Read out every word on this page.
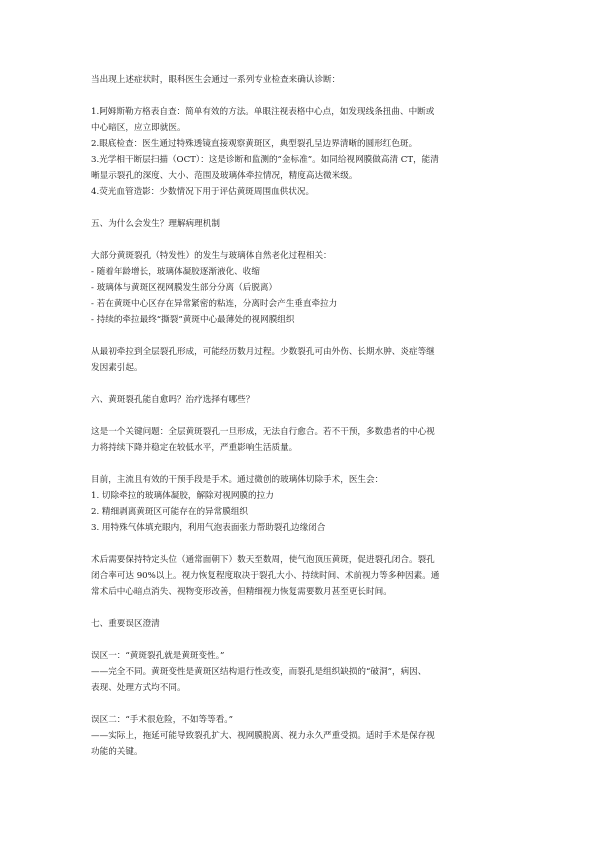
当出现上述症状时，眼科医生会通过一系列专业检查来确认诊断：
1.阿姆斯勒方格表自查：简单有效的方法。单眼注视表格中心点，如发现线条扭曲、中断或
中心暗区，应立即就医。
2.眼底检查：医生通过特殊透镜直接观察黄斑区，典型裂孔呈边界清晰的圆形红色斑。
3.光学相干断层扫描（OCT）：这是诊断和监测的“金标准”。如同给视网膜做高清 CT，能清
晰显示裂孔的深度、大小、范围及玻璃体牵拉情况，精度高达微米级。
4.荧光血管造影：少数情况下用于评估黄斑周围血供状况。
五、为什么会发生？理解病理机制
大部分黄斑裂孔（特发性）的发生与玻璃体自然老化过程相关：
- 随着年龄增长，玻璃体凝胶逐渐液化、收缩
- 玻璃体与黄斑区视网膜发生部分分离（后脱离）
- 若在黄斑中心区存在异常紧密的粘连，分离时会产生垂直牵拉力
- 持续的牵拉最终“撕裂”黄斑中心最薄处的视网膜组织
从最初牵拉到全层裂孔形成，可能经历数月过程。少数裂孔可由外伤、长期水肿、炎症等继
发因素引起。
六、黄斑裂孔能自愈吗？治疗选择有哪些？
这是一个关键问题：全层黄斑裂孔一旦形成，无法自行愈合。若不干预，多数患者的中心视
力将持续下降并稳定在较低水平，严重影响生活质量。
目前，主流且有效的干预手段是手术。通过微创的玻璃体切除手术，医生会：
1. 切除牵拉的玻璃体凝胶，解除对视网膜的拉力
2. 精细剥离黄斑区可能存在的异常膜组织
3. 用特殊气体填充眼内，利用气泡表面张力帮助裂孔边缘闭合
术后需要保持特定头位（通常面朝下）数天至数周，使气泡顶压黄斑，促进裂孔闭合。裂孔
闭合率可达 90%以上。视力恢复程度取决于裂孔大小、持续时间、术前视力等多种因素。通
常术后中心暗点消失、视物变形改善，但精细视力恢复需要数月甚至更长时间。
七、重要误区澄清
误区一：“黄斑裂孔就是黄斑变性。”
——完全不同。黄斑变性是黄斑区结构退行性改变，而裂孔是组织缺损的“破洞”，病因、
表现、处理方式均不同。
误区二：“手术很危险，不如等等看。”
——实际上，拖延可能导致裂孔扩大、视网膜脱离、视力永久严重受损。适时手术是保存视
功能的关键。
